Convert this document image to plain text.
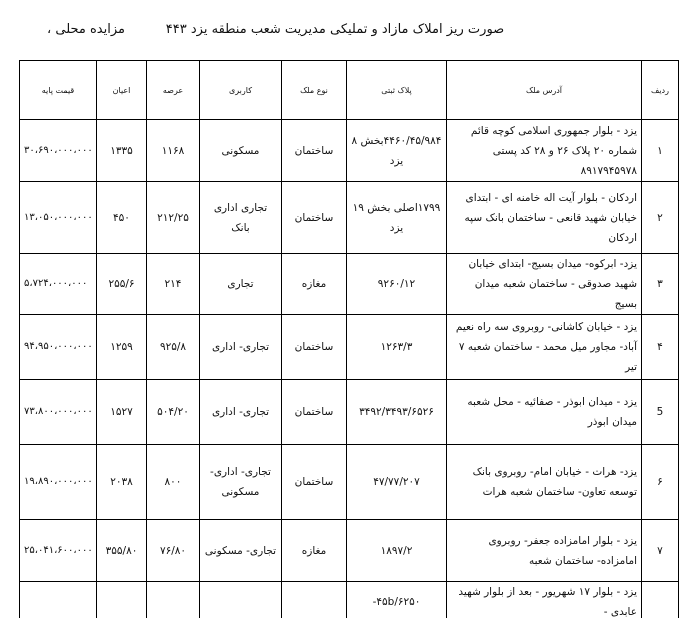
صورت ریز املاک مازاد و تملیکی مدیریت شعب منطقه یزد ۴۴۳
مزایده محلی ،
ردیف	آدرس ملک	پلاک ثبتی	نوع ملک	کاربری	عرصه	اعیان	قیمت پایه
۱	یزد - بلوار جمهوری اسلامی کوچه قائم شماره ۲۰ پلاک ۲۶ و ۲۸ کد پستی ۸۹۱۷۹۴۵۹۷۸	۴۴۶۰/۴۵/۹۸۴بخش ۸ یزد	ساختمان	مسکونی	۱۱۶۸	۱۳۳۵	۳۰،۶۹۰،۰۰۰،۰۰۰
۲	اردکان - بلوار آیت اله خامنه ای - ابتدای خیابان شهید قانعی - ساختمان بانک سپه اردکان	۱۷۹۹اصلی بخش ۱۹ یزد	ساختمان	تجاری اداری بانک	۲۱۲/۲۵	۴۵۰	۱۳،۰۵۰،۰۰۰،۰۰۰
۳	یزد- ابرکوه- میدان بسیج- ابتدای خیابان شهید صدوقی - ساختمان شعبه میدان بسیج	۹۲۶۰/۱۲	مغازه	تجاری	۲۱۴	۲۵۵/۶	۵،۷۲۴،۰۰۰،۰۰۰
۴	یزد - خیابان کاشانی- روبروی سه راه نعیم آباد- مجاور میل محمد - ساختمان شعبه ۷ تیر	۱۲۶۳/۳	ساختمان	تجاری- اداری	۹۲۵/۸	۱۲۵۹	۹۴،۹۵۰،۰۰۰،۰۰۰
5	یزد - میدان ابوذر - صفائیه - محل شعبه میدان ابوذر	۳۴۹۲/۳۴۹۳/۶۵۲۶	ساختمان	تجاری- اداری	۵۰۴/۲۰	۱۵۲۷	۷۳،۸۰۰،۰۰۰،۰۰۰
۶	یزد- هرات - خیابان امام- روبروی بانک توسعه تعاون- ساختمان شعبه هرات	۴۷/۷۷/۲۰۷	ساختمان	تجاری- اداری- مسکونی	۸۰۰	۲۰۳۸	۱۹،۸۹۰،۰۰۰،۰۰۰
۷	یزد - بلوار امامزاده جعفر- روبروی امامزاده- ساختمان شعبه	۱۸۹۷/۲	مغازه	تجاری- مسکونی	۷۶/۸۰	۳۵۵/۸۰	۲۵،۰۴۱،۶۰۰،۰۰۰
	یزد - بلوار ۱۷ شهریور - بعد از بلوار شهید عابدی -	۴۵b/۶۲۵۰-					
